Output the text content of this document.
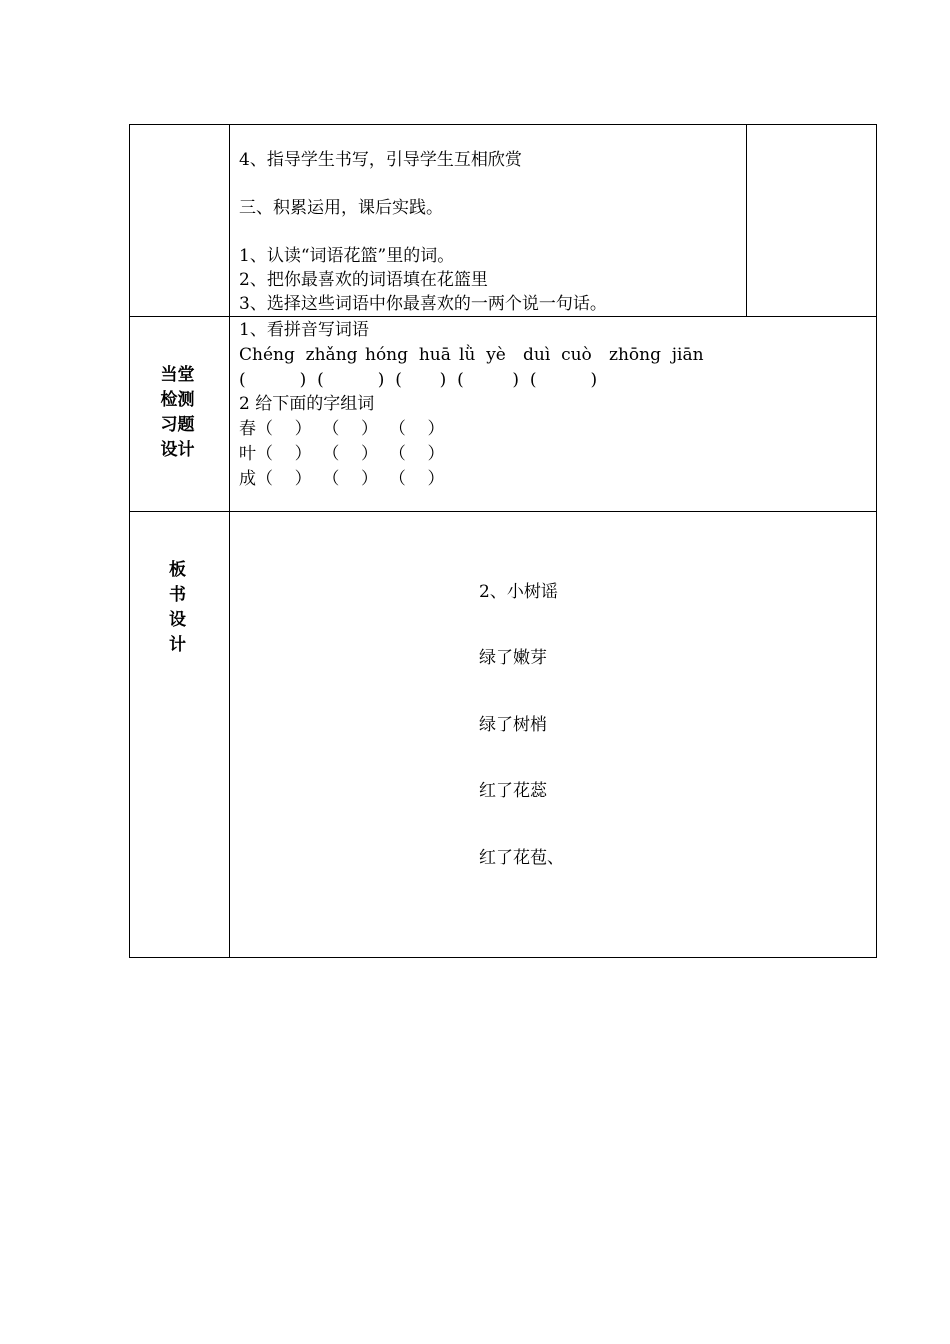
4、指导学生书写，引导学生互相欣赏
三、积累运用，课后实践。
1、认读“词语花篮”里的词。
2、把你最喜欢的词语填在花篮里
3、选择这些词语中你最喜欢的一两个说一句话。
当堂
检测
习题
设计
1、看拼音写词语
Chéng  zhǎng hóng  huā lǜ  yè duì  cuò zhōng  jiān
(          )  (          )  (       )  (         )  (          )
2 给下面的字组词
春（    ）  （    ）  （    ）
叶（    ）  （    ）  （    ）
成（    ）  （    ）  （    ）
板
书
设
计
2、小树谣
绿了嫩芽
绿了树梢
红了花蕊
红了花苞、
